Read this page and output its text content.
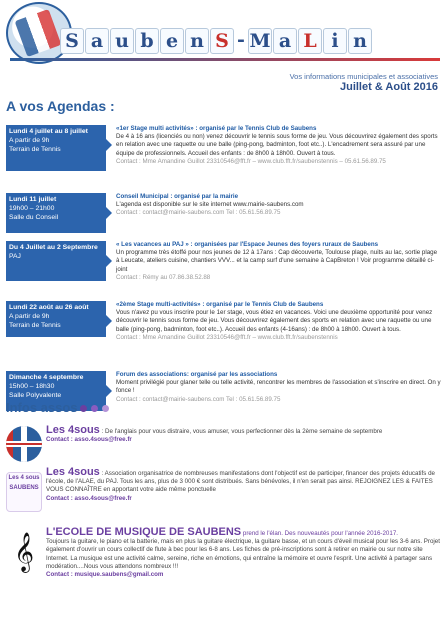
S a u b e n S - M a L i n
Vos informations municipales et associatives
Juillet & Août 2016
A vos Agendas :
Lundi 4 juillet au 8 juillet
A partir de 9h
Terrain de Tennis
«1er Stage multi activités» : organisé par le Tennis Club de Saubens
De 4 à 16 ans (licenciés ou non) venez découvrir le tennis sous forme de jeu. Vous découvrirez également des sports en relation avec une raquette ou une balle (ping-pong, badminton, foot etc..). L'encadrement sera assuré par une équipe de professionnels. Accueil des enfants : de 8h00 à 18h00. Ouvert à tous.
Contact : Mme Amandine Guillot 23310546@fft.fr – www.club.fft.fr/saubenstennis – 05.61.56.89.75
Lundi 11 juillet
19h00 – 21h00
Salle du Conseil
Conseil Municipal : organisé par la mairie
L'agenda est disponible sur le site internet www.mairie-saubens.com
Contact : contact@mairie-saubens.com Tel : 05.61.56.89.75
Du 4 Juillet au 2 Septembre
PAJ
« Les vacances au PAJ » : organisées par l'Espace Jeunes des foyers ruraux de Saubens
Un programme très étoffé pour nos jeunes de 12 à 17ans : Cap découverte, Toulouse plage, nuits au lac, sortie plage à Leucate, ateliers cuisine, chantiers VVV... et la camp surf d'une semaine à CapBreton ! Voir programme détaillé ci-joint
Contact : Rémy au 07.86.38.52.88
Lundi 22 août au 26 août
A partir de 9h
Terrain de Tennis
«2ème Stage multi-activités» : organisé par le Tennis Club de Saubens
Vous n'avez pu vous inscrire pour le 1er stage, vous étiez en vacances. Voici une deuxième opportunité pour venez découvrir le tennis sous forme de jeu. Vous découvrirez également des sports en relation avec une raquette ou une balle (ping-pong, badminton, foot etc..). Accueil des enfants (4-16ans) : de 8h00 à 18h00. Ouvert à tous.
Contact : Mme Amandine Guillot 23310546@fft.fr – www.club.fft.fr/saubenstennis
Dimanche 4 septembre
15h00 – 18h30
Salle Polyvalente
Forum des associations: organisé par les associations
Moment privilégié pour glaner telle ou telle activité, rencontrer les membres de l'association et s'inscrire en direct. On y fonce !
Contact : contact@mairie-saubens.com Tel : 05.61.56.89.75
Infos assos
Les 4sous : De l'anglais pour vous distraire, vous amuser, vous perfectionner dès la 2ème semaine de septembre
Contact : asso.4sous@free.fr
Les 4 sous SAUBENS
Les 4sous : Association organisatrice de nombreuses manifestations dont l'objectif est de participer, financer des projets éducatifs de l'école, de l'ALAE, du PAJ. Tous les ans, plus de 3 000 € sont distribués. Sans bénévoles, il n'en serait pas ainsi. REJOIGNEZ LES & FAITES VOUS CONNAÎTRE en apportant votre aide même ponctuelle
Contact : asso.4sous@free.fr
𝄞	L'ECOLE DE MUSIQUE DE SAUBENS prend le l'élan. Des nouveautés pour l'année 2016-2017.
Toujours la guitare, le piano et la batterie, mais en plus la guitare électrique, la guitare basse, et un cours d'éveil musical pour les 3-6 ans. Projet également d'ouvrir un cours collectif de flute à bec pour les 6-8 ans. Les fiches de pré-inscriptions sont à retirer en mairie ou sur notre site Internet. La musique est une activité calme, sereine, riche en émotions, qui entraîne la mémoire et ouvre l'esprit. Une activité à partager sans modération....Nous vous attendons nombreux !!!
Contact : musique.saubens@gmail.com
